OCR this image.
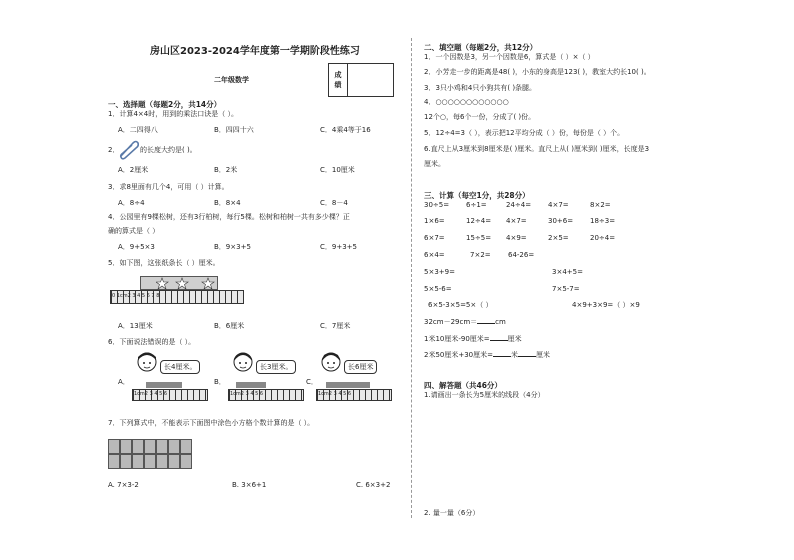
房山区2023-2024学年度第一学期阶段性练习
二年级数学
成
绩
一、选择题（每题2分，共14分）
1．计算4×4时，用到的乘法口诀是（ ）。
A．二四得八	B．四四十六	C．4乘4等于16
2．	的长度大约是( )。
A．2厘米	B．2米	C．10厘米
3．求8里面有几个4，可用（ ）计算。
A．8÷4	B．8×4	C．8－4
4．公园里有9棵松树，还有3行柏树，每行5棵。松树和柏树一共有多少棵？正
确的算式是（ ）
A．9+5×3	B．9×3+5	C．9+3+5
5．如下图，这张纸条长（ ）厘米。
0 1cm2 3 4 5 6 7 8
A．13厘米	B．6厘米	C．7厘米
6．下面说法错误的是（ ）。
A．
长4厘米。
1cm2 3 4 5 6
B．
长3厘米。
1cm2 3 4 5 6
C．
长6厘米
1cm2 3 4 5 6
7．下列算式中，不能表示下面图中涂色小方格个数计算的是（ ）。
A. 7×3-2	B. 3×6+1	C. 6×3+2
二、填空题（每题2分，共12分）
1．一个因数是3，另一个因数是6，算式是（ ）×（ ）
2．小芳走一步的距离是48( )，小东的身高是123( )，教室大约长10( )。
3．3只小鸡和4只小狗共有( )条腿。
4．○○○○○○○○○○○○
12个○，每6个一份，分成了( )份。
5．12÷4=3（ ），表示把12平均分成（ ）份，每份是（ ）个。
6.直尺上从3厘米到8厘米是( )厘米。直尺上从( )厘米到( )厘米，长度是3
厘米。
三、计算（每空1分，共28分）
30÷5= 6÷1=	24÷4= 4×7=	8×2=
1×6=	12÷4= 4×7=	30+6= 18÷3=
6×7=	15÷5= 4×9=	2×5=	20÷4=
6×4=	7×2= 64-26=
5×3+9=	3×4+5=
5×5-6=	7×5-7=
6×5-3×5=5×（ ）	4×9+3×9=（ ）×9
32cm－29cm＝	cm
1米10厘米-90厘米=	厘米
2米50厘米+30厘米=	米	厘米
四、解答题（共46分）
1.请画出一条长为5厘米的线段（4分）
2. 量一量（6分）
